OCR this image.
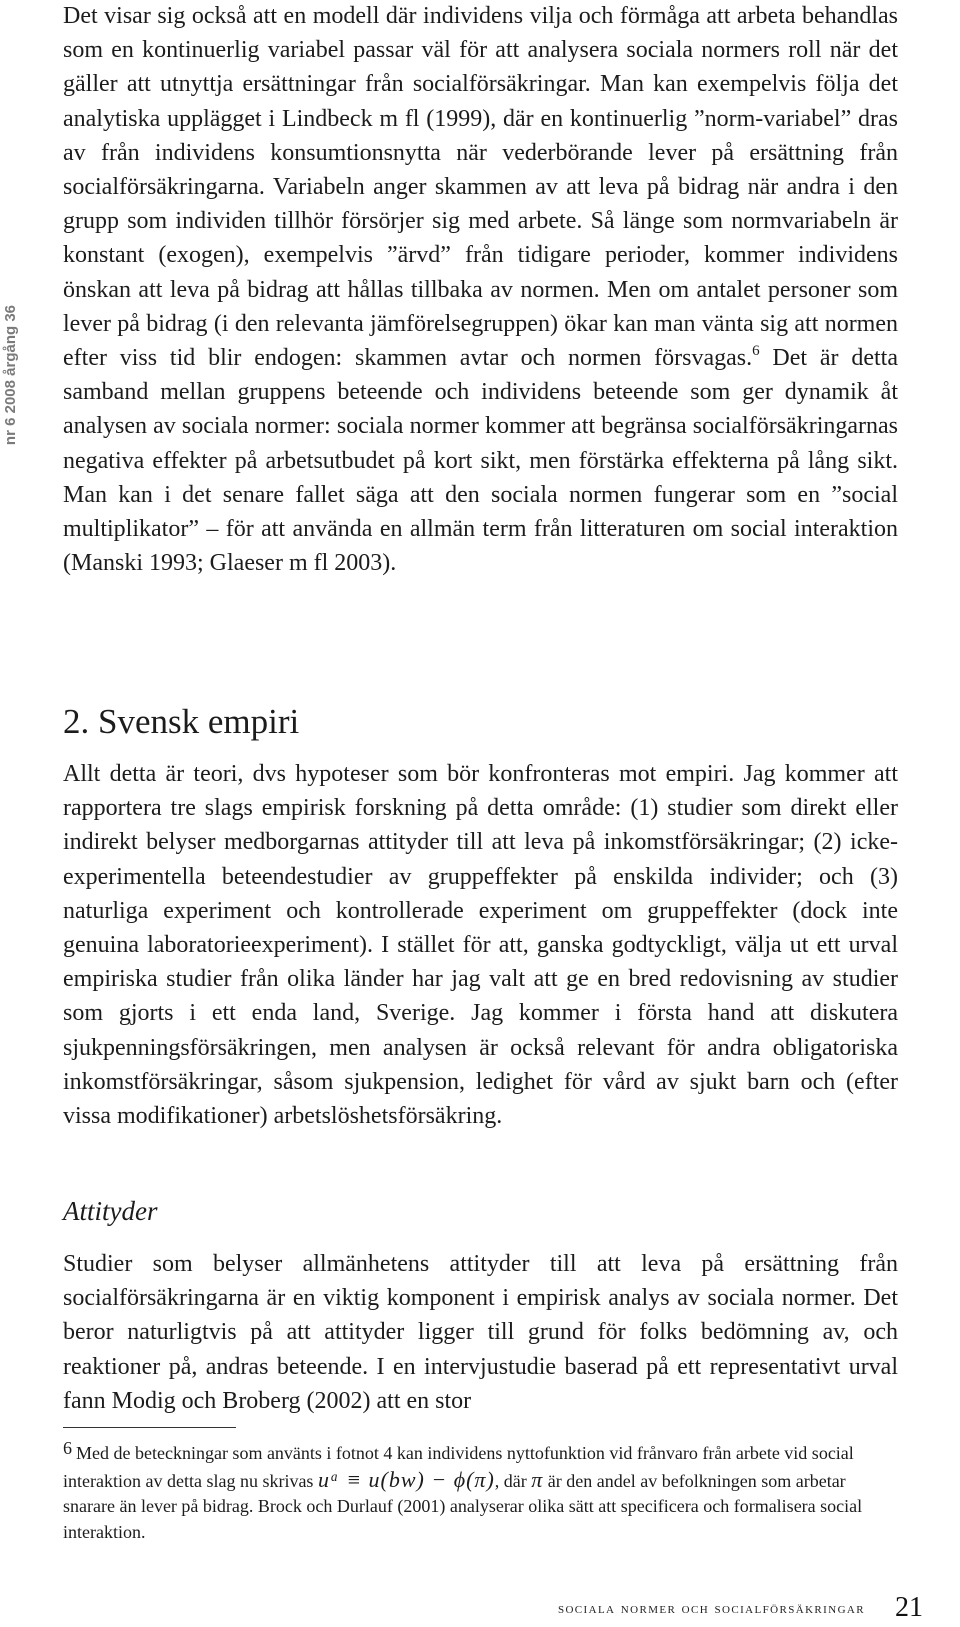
nr 6 2008 årgång 36

Det visar sig också att en modell där individens vilja och förmåga att arbeta behandlas som en kontinuerlig variabel passar väl för att analysera sociala normers roll när det gäller att utnyttja ersättningar från socialförsäkringar. Man kan exempelvis följa det analytiska upplägget i Lindbeck m fl (1999), där en kontinuerlig ”norm-variabel” dras av från individens konsumtionsnytta när vederbörande lever på ersättning från socialförsäkringarna. Variabeln anger skammen av att leva på bidrag när andra i den grupp som individen tillhör försörjer sig med arbete. Så länge som normvariabeln är konstant (exogen), exempelvis ”ärvd” från tidigare perioder, kommer individens önskan att leva på bidrag att hållas tillbaka av normen. Men om antalet personer som lever på bidrag (i den relevanta jämförelsegruppen) ökar kan man vänta sig att normen efter viss tid blir endogen: skammen avtar och normen försvagas.$^6$ Det är detta samband mellan gruppens beteende och individens beteende som ger dynamik åt analysen av sociala normer: sociala normer kommer att begränsa socialförsäkringarnas negativa effekter på arbetsutbudet på kort sikt, men förstärka effekterna på lång sikt. Man kan i det senare fallet säga att den sociala normen fungerar som en ”social multiplikator” – för att använda en allmän term från litteraturen om social interaktion (Manski 1993; Glaeser m fl 2003).

2. Svensk empiri

Allt detta är teori, dvs hypoteser som bör konfronteras mot empiri. Jag kommer att rapportera tre slags empirisk forskning på detta område: (1) studier som direkt eller indirekt belyser medborgarnas attityder till att leva på inkomstförsäkringar; (2) icke-experimentella beteendestudier av gruppeffekter på enskilda individer; och (3) naturliga experiment och kontrollerade experiment om gruppeffekter (dock inte genuina laboratorieexperiment). I stället för att, ganska godtyckligt, välja ut ett urval empiriska studier från olika länder har jag valt att ge en bred redovisning av studier som gjorts i ett enda land, Sverige. Jag kommer i första hand att diskutera sjukpenningsförsäkringen, men analysen är också relevant för andra obligatoriska inkomstförsäkringar, såsom sjukpension, ledighet för vård av sjukt barn och (efter vissa modifikationer) arbetslöshetsförsäkring.

Attityder

Studier som belyser allmänhetens attityder till att leva på ersättning från socialförsäkringarna är en viktig komponent i empirisk analys av sociala normer. Det beror naturligtvis på att attityder ligger till grund för folks bedömning av, och reaktioner på, andras beteende. I en intervjustudie baserad på ett representativt urval fann Modig och Broberg (2002) att en stor

6 Med de beteckningar som använts i fotnot 4 kan individens nyttofunktion vid frånvaro från arbete vid social interaktion av detta slag nu skrivas uᵃ ≡ u(bw) − ϕ(π), där π är den andel av befolkningen som arbetar snarare än lever på bidrag. Brock och Durlauf (2001) analyserar olika sätt att specificera och formalisera social interaktion.

sociala normer och socialförsäkringar 21
